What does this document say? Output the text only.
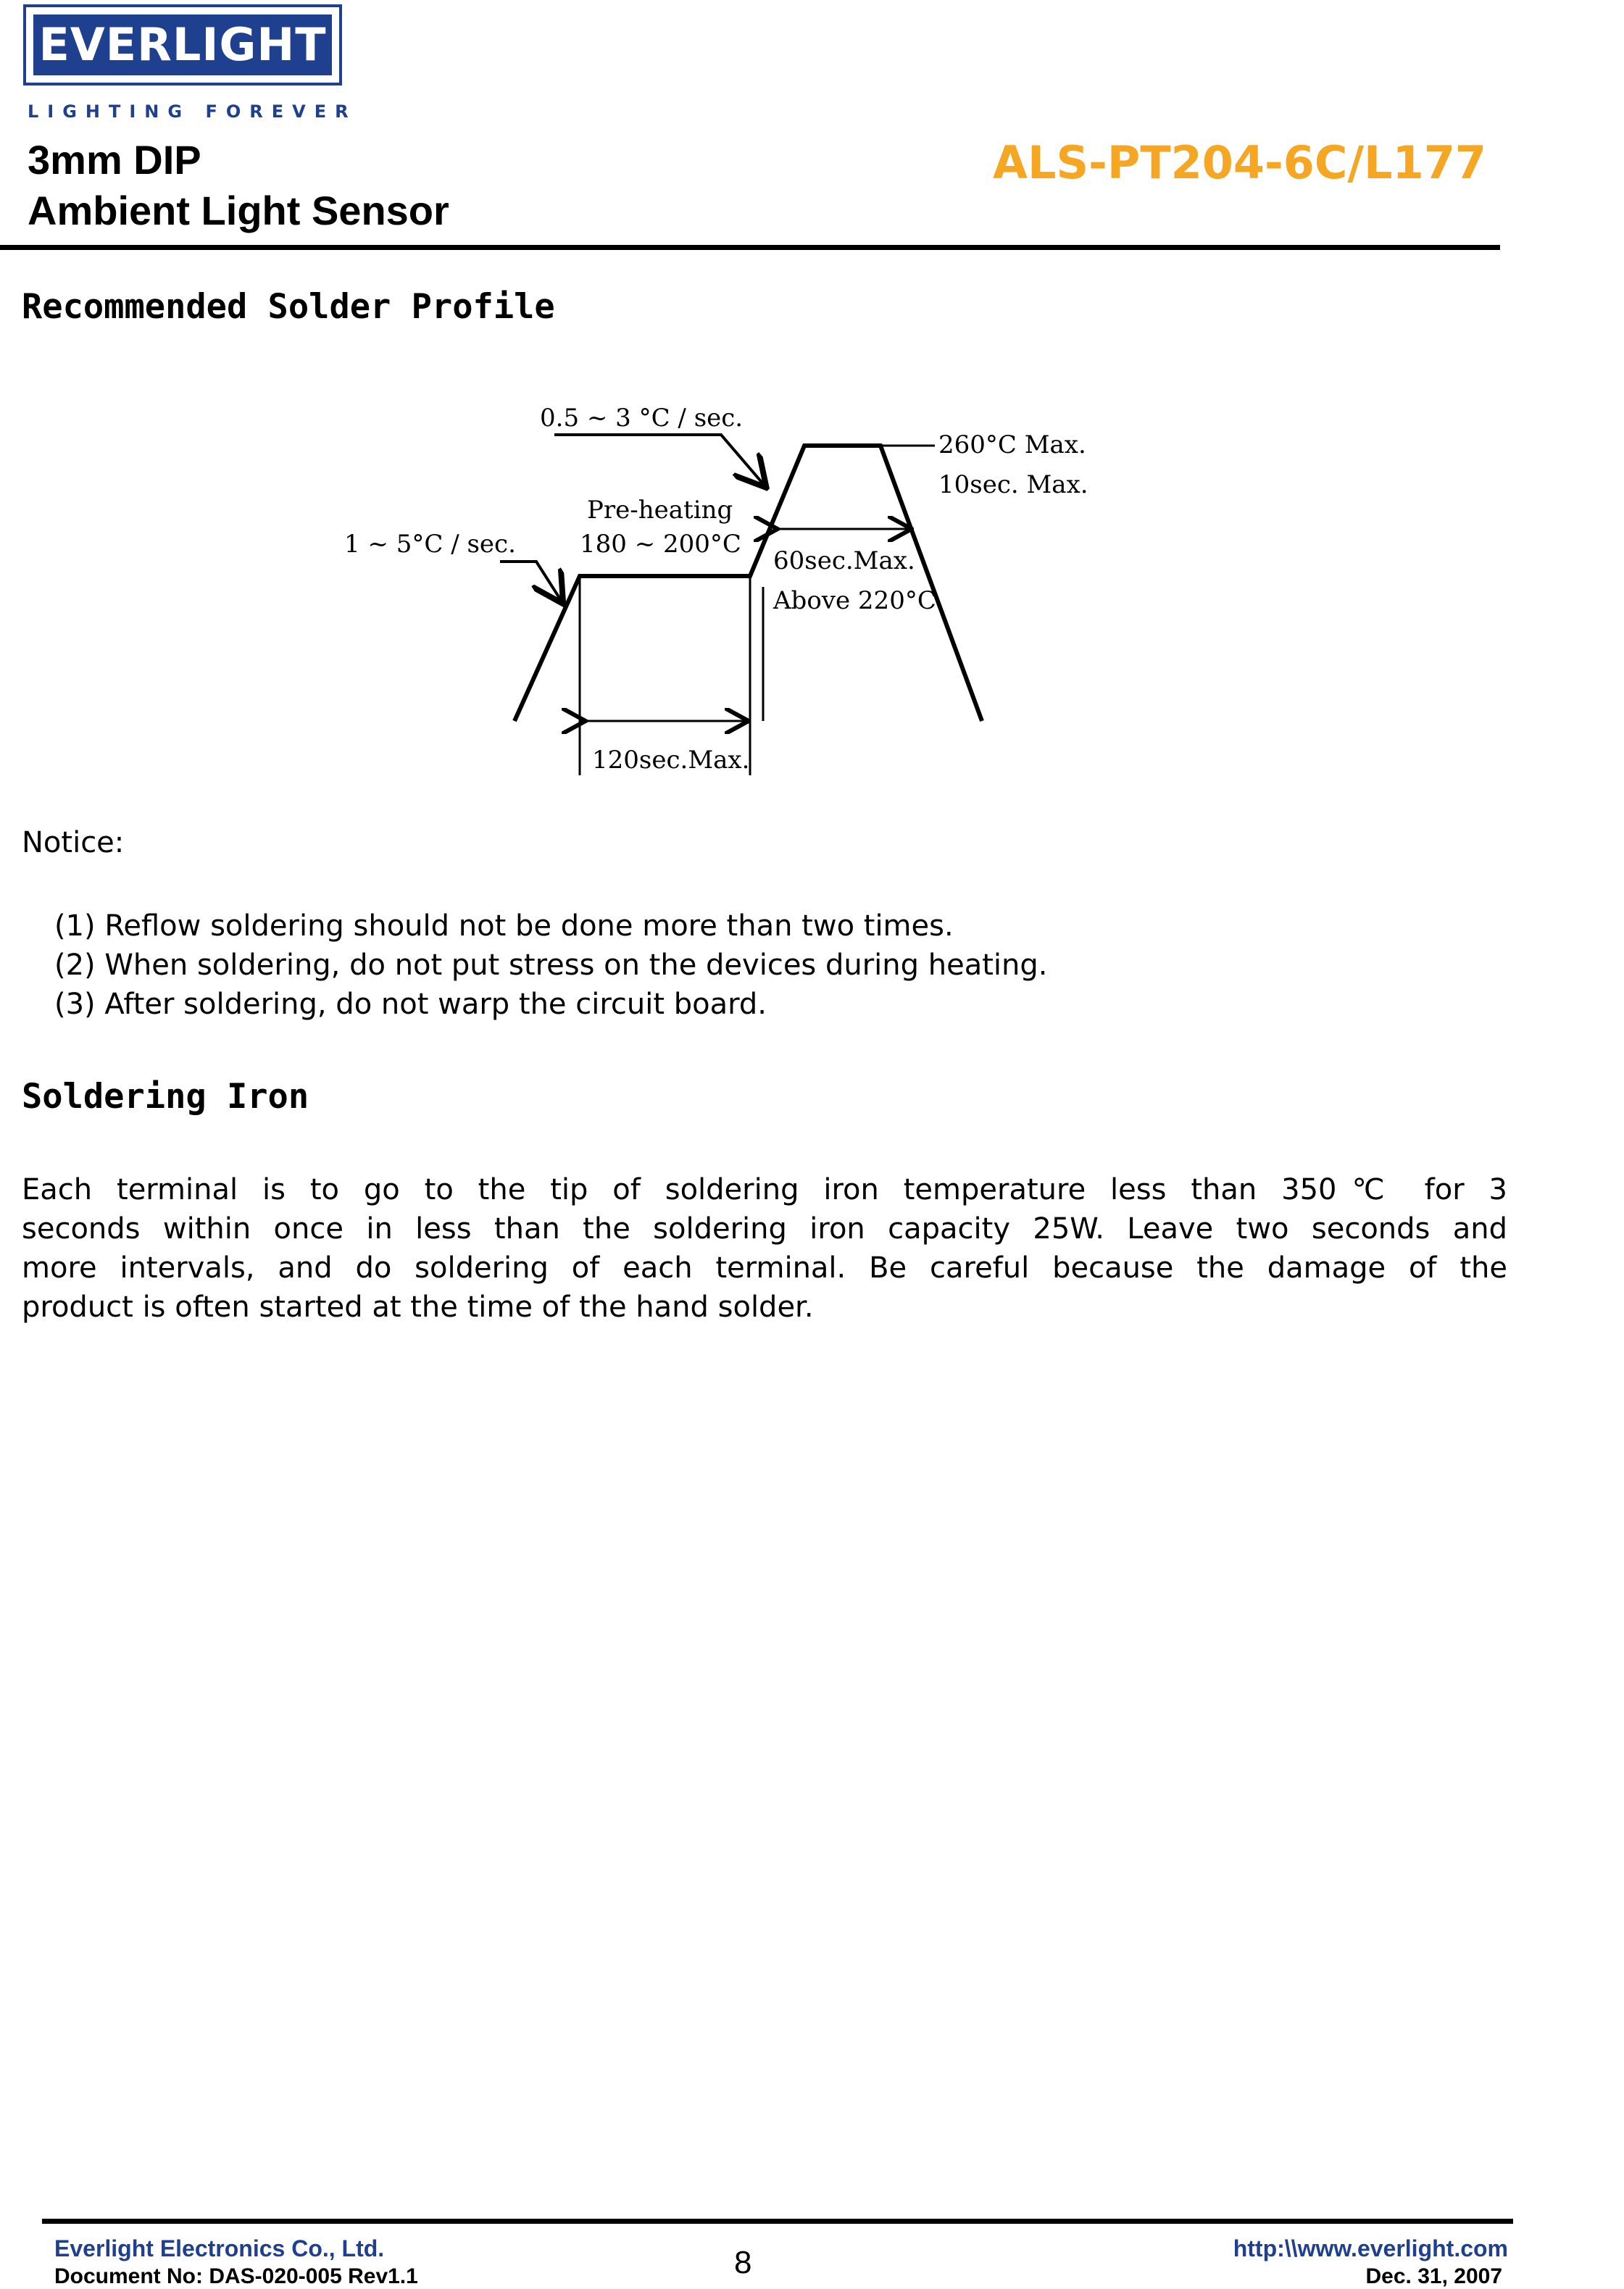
EVERLIGHT
LIGHTING FOREVER
3mm DIP
Ambient Light Sensor
ALS-PT204-6C/L177
Recommended Solder Profile
0.5 ~ 3 °C / sec.
260°C Max.
10sec. Max.
Pre-heating
180 ~ 200°C
1 ~ 5°C / sec.
60sec.Max.
Above 220°C
120sec.Max.
Notice:
(1) Reflow soldering should not be done more than two times.
(2) When soldering, do not put stress on the devices during heating.
(3) After soldering, do not warp the circuit board.
Soldering Iron
Each terminal is to go to the tip of soldering iron temperature less than 350℃ for 3
seconds within once in less than the soldering iron capacity 25W. Leave two seconds and
more intervals, and do soldering of each terminal. Be careful because the damage of the
product is often started at the time of the hand solder.
Everlight Electronics Co., Ltd.
Document No: DAS-020-005 Rev1.1	8	http:\\www.everlight.com
Dec. 31, 2007
